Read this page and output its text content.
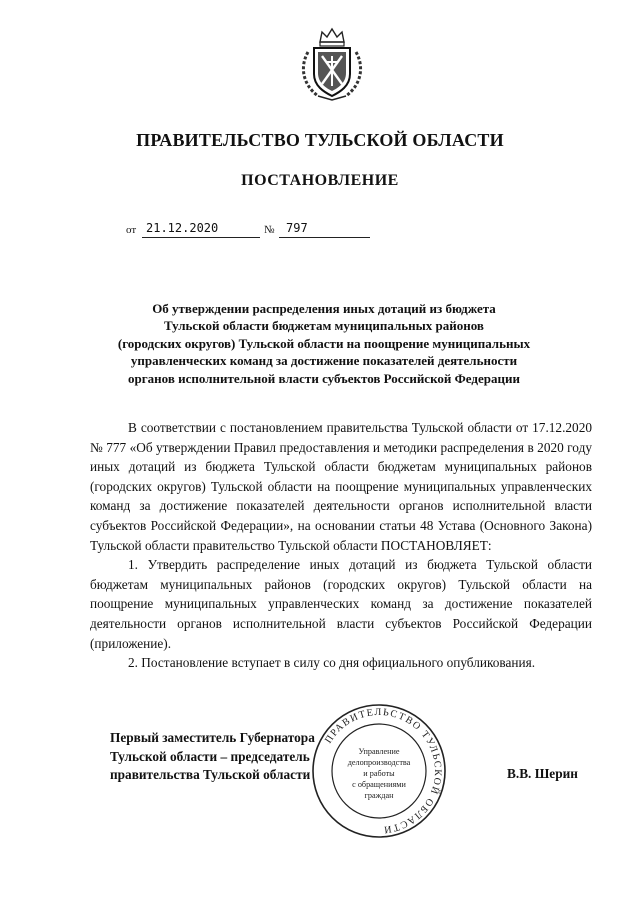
ПРАВИТЕЛЬСТВО ТУЛЬСКОЙ ОБЛАСТИ
ПОСТАНОВЛЕНИЕ
от 21.12.2020	№ 797
Об утверждении распределения иных дотаций из бюджета
Тульской области бюджетам муниципальных районов
(городских округов) Тульской области на поощрение муниципальных
управленческих команд за достижение показателей деятельности
органов исполнительной власти субъектов Российской Федерации

В соответствии с постановлением правительства Тульской области от 17.12.2020 № 777 «Об утверждении Правил предоставления и методики распределения в 2020 году иных дотаций из бюджета Тульской области бюджетам муниципальных районов (городских округов) Тульской области на поощрение муниципальных управленческих команд за достижение показателей деятельности органов исполнительной власти субъектов Российской Федерации», на основании статьи 48 Устава (Основного Закона) Тульской области правительство Тульской области ПОСТАНОВЛЯЕТ:

1. Утвердить распределение иных дотаций из бюджета Тульской области бюджетам муниципальных районов (городских округов) Тульской области на поощрение муниципальных управленческих команд за достижение показателей деятельности органов исполнительной власти субъектов Российской Федерации (приложение).

2. Постановление вступает в силу со дня официального опубликования.

Первый заместитель Губернатора
Тульской области – председатель
правительства Тульской области	В.В. Шерин
ПРАВИТЕЛЬСТВО ТУЛЬСКОЙ ОБЛАСТИ
Управление
делопроизводства
и работы
с обращениями
граждан
